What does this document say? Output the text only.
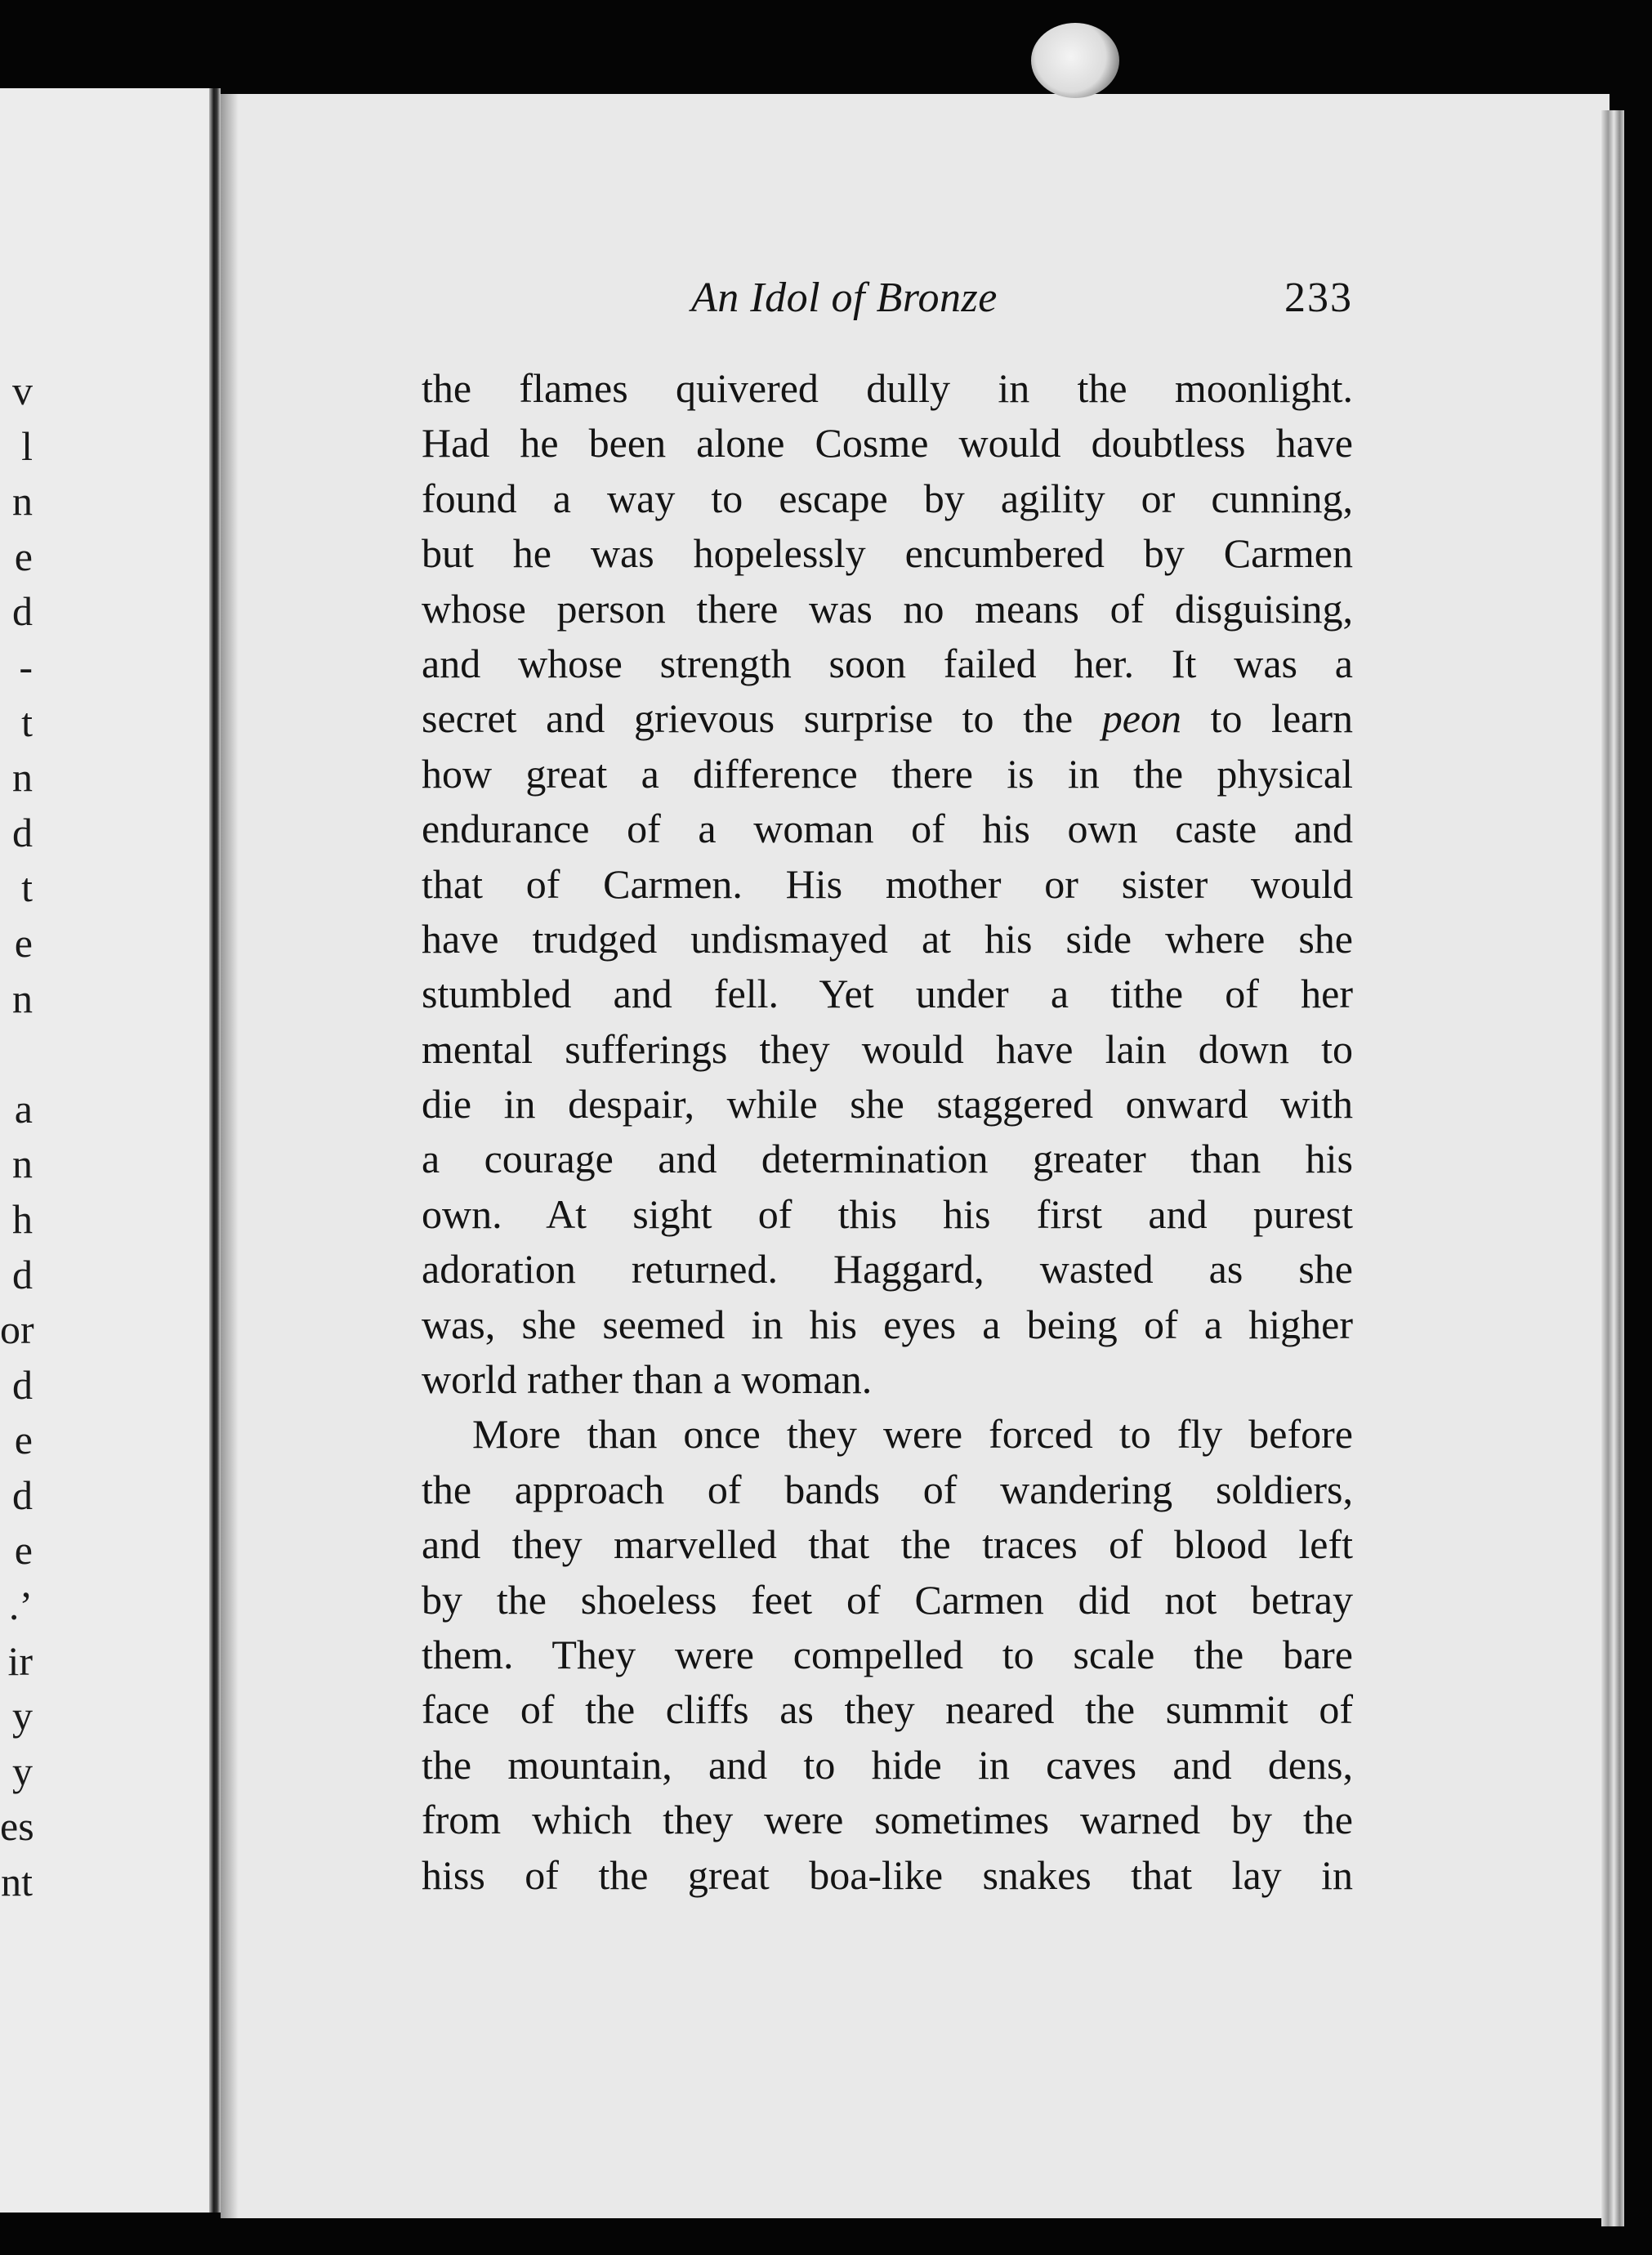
v
l
n
e
d
-
t
n
d
t
e
n
a
n
h
d
or
d
e
d
e
.’
ir
y
y
es
nt
An Idol of Bronze	233
the flames quivered dully in the moonlight.
Had he been alone Cosme would doubtless have
found a way to escape by agility or cunning,
but he was hopelessly encumbered by Carmen
whose person there was no means of disguising,
and whose strength soon failed her. It was a
secret and grievous surprise to the peon to learn
how great a difference there is in the physical
endurance of a woman of his own caste and
that of Carmen. His mother or sister would
have trudged undismayed at his side where she
stumbled and fell. Yet under a tithe of her
mental sufferings they would have lain down to
die in despair, while she staggered onward with
a courage and determination greater than his
own. At sight of this his first and purest
adoration returned. Haggard, wasted as she
was, she seemed in his eyes a being of a higher
world rather than a woman.
More than once they were forced to fly before
the approach of bands of wandering soldiers,
and they marvelled that the traces of blood left
by the shoeless feet of Carmen did not betray
them. They were compelled to scale the bare
face of the cliffs as they neared the summit of
the mountain, and to hide in caves and dens,
from which they were sometimes warned by the
hiss of the great boa-like snakes that lay in
